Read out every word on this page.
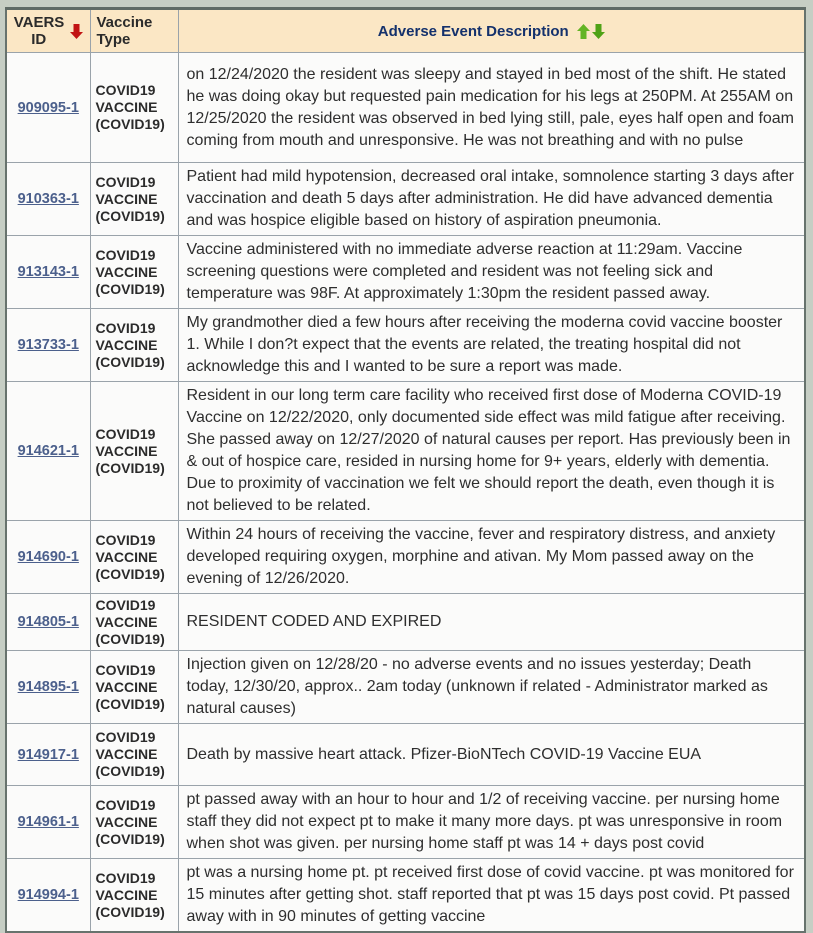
VAERS ID	Vaccine Type	Adverse Event Description

909095-1	COVID19 VACCINE (COVID19)	on 12/24/2020 the resident was sleepy and stayed in bed most of the shift. He stated he was doing okay but requested pain medication for his legs at 250PM. At 255AM on 12/25/2020 the resident was observed in bed lying still, pale, eyes half open and foam coming from mouth and unresponsive. He was not breathing and with no pulse
910363-1	COVID19 VACCINE (COVID19)	Patient had mild hypotension, decreased oral intake, somnolence starting 3 days after vaccination and death 5 days after administration. He did have advanced dementia and was hospice eligible based on history of aspiration pneumonia.
913143-1	COVID19 VACCINE (COVID19)	Vaccine administered with no immediate adverse reaction at 11:29am. Vaccine screening questions were completed and resident was not feeling sick and temperature was 98F. At approximately 1:30pm the resident passed away.
913733-1	COVID19 VACCINE (COVID19)	My grandmother died a few hours after receiving the moderna covid vaccine booster 1. While I don?t expect that the events are related, the treating hospital did not acknowledge this and I wanted to be sure a report was made.
914621-1	COVID19 VACCINE (COVID19)	Resident in our long term care facility who received first dose of Moderna COVID-19 Vaccine on 12/22/2020, only documented side effect was mild fatigue after receiving. She passed away on 12/27/2020 of natural causes per report. Has previously been in & out of hospice care, resided in nursing home for 9+ years, elderly with dementia. Due to proximity of vaccination we felt we should report the death, even though it is not believed to be related.
914690-1	COVID19 VACCINE (COVID19)	Within 24 hours of receiving the vaccine, fever and respiratory distress, and anxiety developed requiring oxygen, morphine and ativan. My Mom passed away on the evening of 12/26/2020.
914805-1	COVID19 VACCINE (COVID19)	RESIDENT CODED AND EXPIRED
914895-1	COVID19 VACCINE (COVID19)	Injection given on 12/28/20 - no adverse events and no issues yesterday; Death today, 12/30/20, approx.. 2am today (unknown if related - Administrator marked as natural causes)
914917-1	COVID19 VACCINE (COVID19)	Death by massive heart attack. Pfizer-BioNTech COVID-19 Vaccine EUA
914961-1	COVID19 VACCINE (COVID19)	pt passed away with an hour to hour and 1/2 of receiving vaccine. per nursing home staff they did not expect pt to make it many more days. pt was unresponsive in room when shot was given. per nursing home staff pt was 14 + days post covid
914994-1	COVID19 VACCINE (COVID19)	pt was a nursing home pt. pt received first dose of covid vaccine. pt was monitored for 15 minutes after getting shot. staff reported that pt was 15 days post covid. Pt passed away with in 90 minutes of getting vaccine
